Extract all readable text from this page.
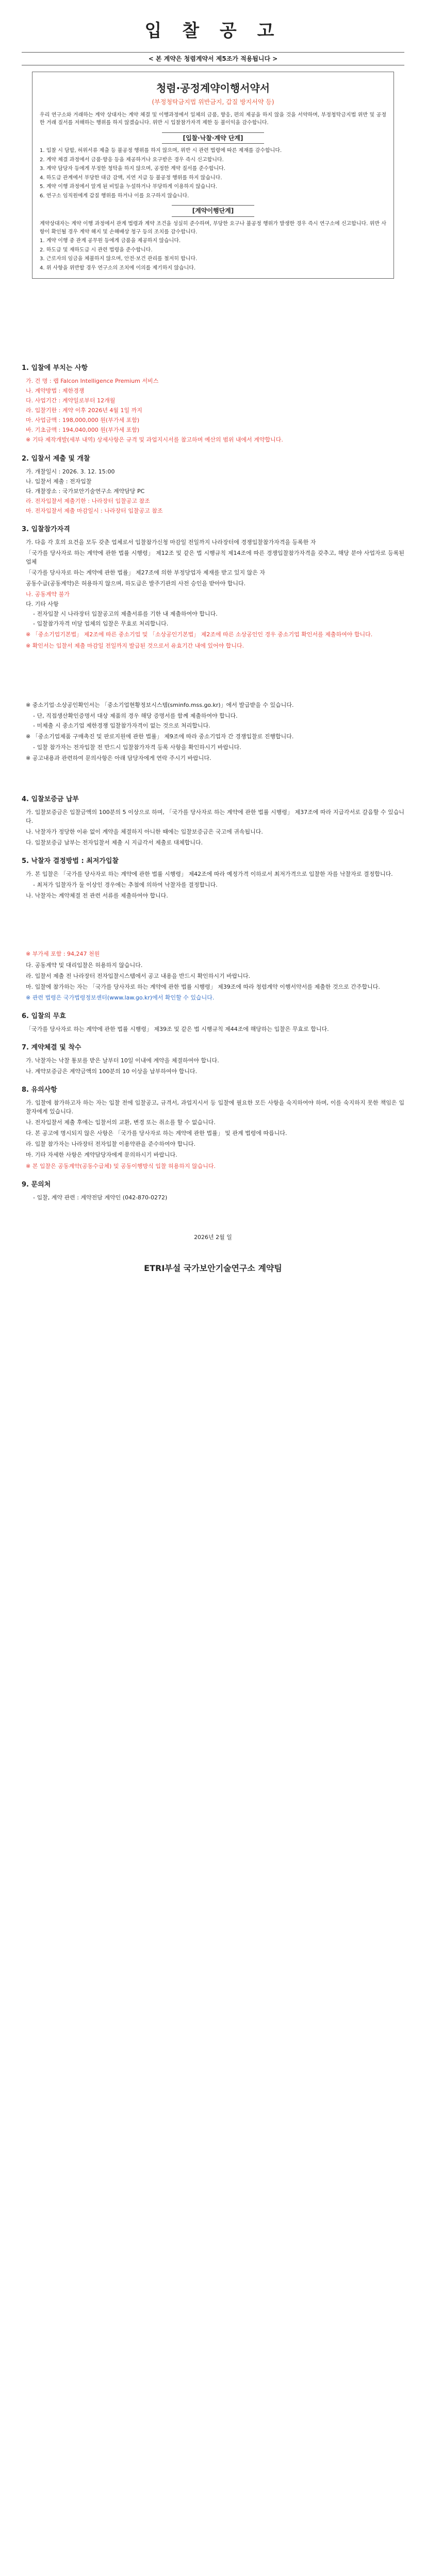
입 찰 공 고
< 본 계약은 청렴계약서 제5조가 적용됩니다 >
청렴·공정계약이행서약서
(부정청탁금지법 위반금지, 갑질 방지서약 등)
우리 연구소와 거래하는 계약 상대자는 계약 체결 및 이행과정에서 일체의 금품, 향응, 편의 제공을 하지 않을 것을 서약하며, 부정청탁금지법 위반 및 공정한 거래 질서를 저해하는 행위를 하지 않겠습니다. 위반 시 입찰참가자격 제한 등 불이익을 감수합니다.
[입찰·낙찰·계약 단계]
1. 입찰 시 담합, 허위서류 제출 등 불공정 행위를 하지 않으며, 위반 시 관련 법령에 따른 제재를 감수합니다.
2. 계약 체결 과정에서 금품·향응 등을 제공하거나 요구받은 경우 즉시 신고합니다.
3. 계약 담당자 등에게 부정한 청탁을 하지 않으며, 공정한 계약 질서를 준수합니다.
4. 하도급 관계에서 부당한 대금 감액, 지연 지급 등 불공정 행위를 하지 않습니다.
5. 계약 이행 과정에서 알게 된 비밀을 누설하거나 부당하게 이용하지 않습니다.
6. 연구소 임직원에게 갑질 행위를 하거나 이를 요구하지 않습니다.
[계약이행단계]
계약상대자는 계약 이행 과정에서 관계 법령과 계약 조건을 성실히 준수하며, 부당한 요구나 불공정 행위가 발생한 경우 즉시 연구소에 신고합니다. 위반 사항이 확인될 경우 계약 해지 및 손해배상 청구 등의 조치를 감수합니다.
1. 계약 이행 중 관계 공무원 등에게 금품을 제공하지 않습니다.
2. 하도급 및 재하도급 시 관련 법령을 준수합니다.
3. 근로자의 임금을 체불하지 않으며, 안전·보건 관리를 철저히 합니다.
4. 위 사항을 위반할 경우 연구소의 조치에 이의를 제기하지 않습니다.
1. 입찰에 부치는 사항
가. 건 명 : 랩 Falcon Intelligence Premium 서비스
나. 계약방법 : 제한경쟁
다. 사업기간 : 계약일로부터 12개월
라. 입찰기한 : 계약 이후 2026년 4월 1일 까지
마. 사업금액 : 198,000,000 원(부가세 포함)
바. 기초금액 : 194,040,000 원(부가세 포함)
※ 기타 제작개발(세부 내역) 상세사항은 규격 및 과업지시서를 참고하며 예산의 범위 내에서 계약합니다.
2. 입찰서 제출 및 개찰
가. 개찰일시 : 2026. 3. 12. 15:00
나. 입찰서 제출 : 전자입찰
다. 개찰장소 : 국가보안기술연구소 계약담당 PC
라. 전자입찰서 제출기한 : 나라장터 입찰공고 참조
마. 전자입찰서 제출 마감일시 : 나라장터 입찰공고 참조
3. 입찰참가자격
가. 다음 각 호의 요건을 모두 갖춘 업체로서 입찰참가신청 마감일 전일까지 나라장터에 경쟁입찰참가자격을 등록한 자
「국가를 당사자로 하는 계약에 관한 법률 시행령」 제12조 및 같은 법 시행규칙 제14조에 따른 경쟁입찰참가자격을 갖추고, 해당 분야 사업자로 등록된 업체
「국가를 당사자로 하는 계약에 관한 법률」 제27조에 의한 부정당업자 제재를 받고 있지 않은 자
공동수급(공동계약)은 허용하지 않으며, 하도급은 발주기관의 사전 승인을 받아야 합니다.
나. 공동계약 불가
다. 기타 사항
- 전자입찰 시 나라장터 입찰공고의 제출서류를 기한 내 제출하여야 합니다.
- 입찰참가자격 미달 업체의 입찰은 무효로 처리합니다.
※ 「중소기업기본법」 제2조에 따른 중소기업 및 「소상공인기본법」 제2조에 따른 소상공인인 경우 중소기업 확인서를 제출하여야 합니다.
※ 확인서는 입찰서 제출 마감일 전일까지 발급된 것으로서 유효기간 내에 있어야 합니다.
※ 중소기업·소상공인확인서는 「중소기업현황정보시스템(sminfo.mss.go.kr)」에서 발급받을 수 있습니다.
- 단, 직접생산확인증명서 대상 제품의 경우 해당 증명서를 함께 제출하여야 합니다.
- 미제출 시 중소기업 제한경쟁 입찰참가자격이 없는 것으로 처리합니다.
※ 「중소기업제품 구매촉진 및 판로지원에 관한 법률」 제9조에 따라 중소기업자 간 경쟁입찰로 진행합니다.
- 입찰 참가자는 전자입찰 전 반드시 입찰참가자격 등록 사항을 확인하시기 바랍니다.
※ 공고내용과 관련하여 문의사항은 아래 담당자에게 연락 주시기 바랍니다.
4. 입찰보증금 납부
가. 입찰보증금은 입찰금액의 100분의 5 이상으로 하며, 「국가를 당사자로 하는 계약에 관한 법률 시행령」 제37조에 따라 지급각서로 갈음할 수 있습니다.
나. 낙찰자가 정당한 이유 없이 계약을 체결하지 아니한 때에는 입찰보증금은 국고에 귀속됩니다.
다. 입찰보증금 납부는 전자입찰서 제출 시 지급각서 제출로 대체합니다.
5. 낙찰자 결정방법 : 최저가입찰
가. 본 입찰은 「국가를 당사자로 하는 계약에 관한 법률 시행령」 제42조에 따라 예정가격 이하로서 최저가격으로 입찰한 자를 낙찰자로 결정합니다.
- 최저가 입찰자가 둘 이상인 경우에는 추첨에 의하여 낙찰자를 결정합니다.
나. 낙찰자는 계약체결 전 관련 서류를 제출하여야 합니다.
※ 부가세 포함 : 94,247 천원
다. 공동계약 및 대리입찰은 허용하지 않습니다.
라. 입찰서 제출 전 나라장터 전자입찰시스템에서 공고 내용을 반드시 확인하시기 바랍니다.
마. 입찰에 참가하는 자는 「국가를 당사자로 하는 계약에 관한 법률 시행령」 제39조에 따라 청렴계약 이행서약서를 제출한 것으로 간주합니다.
※ 관련 법령은 국가법령정보센터(www.law.go.kr)에서 확인할 수 있습니다.
6. 입찰의 무효
「국가를 당사자로 하는 계약에 관한 법률 시행령」 제39조 및 같은 법 시행규칙 제44조에 해당하는 입찰은 무효로 합니다.
7. 계약체결 및 착수
가. 낙찰자는 낙찰 통보를 받은 날부터 10일 이내에 계약을 체결하여야 합니다.
나. 계약보증금은 계약금액의 100분의 10 이상을 납부하여야 합니다.
8. 유의사항
가. 입찰에 참가하고자 하는 자는 입찰 전에 입찰공고, 규격서, 과업지시서 등 입찰에 필요한 모든 사항을 숙지하여야 하며, 이를 숙지하지 못한 책임은 입찰자에게 있습니다.
나. 전자입찰서 제출 후에는 입찰서의 교환, 변경 또는 취소를 할 수 없습니다.
다. 본 공고에 명시되지 않은 사항은 「국가를 당사자로 하는 계약에 관한 법률」 및 관계 법령에 따릅니다.
라. 입찰 참가자는 나라장터 전자입찰 이용약관을 준수하여야 합니다.
마. 기타 자세한 사항은 계약담당자에게 문의하시기 바랍니다.
※ 본 입찰은 공동계약(공동수급체) 및 공동이행방식 입찰 허용하지 않습니다.
9. 문의처
- 입찰, 계약 관련 : 계약전담 계약인 (042-870-0272)
2026년 2월 일
ETRI부설 국가보안기술연구소 계약팀
